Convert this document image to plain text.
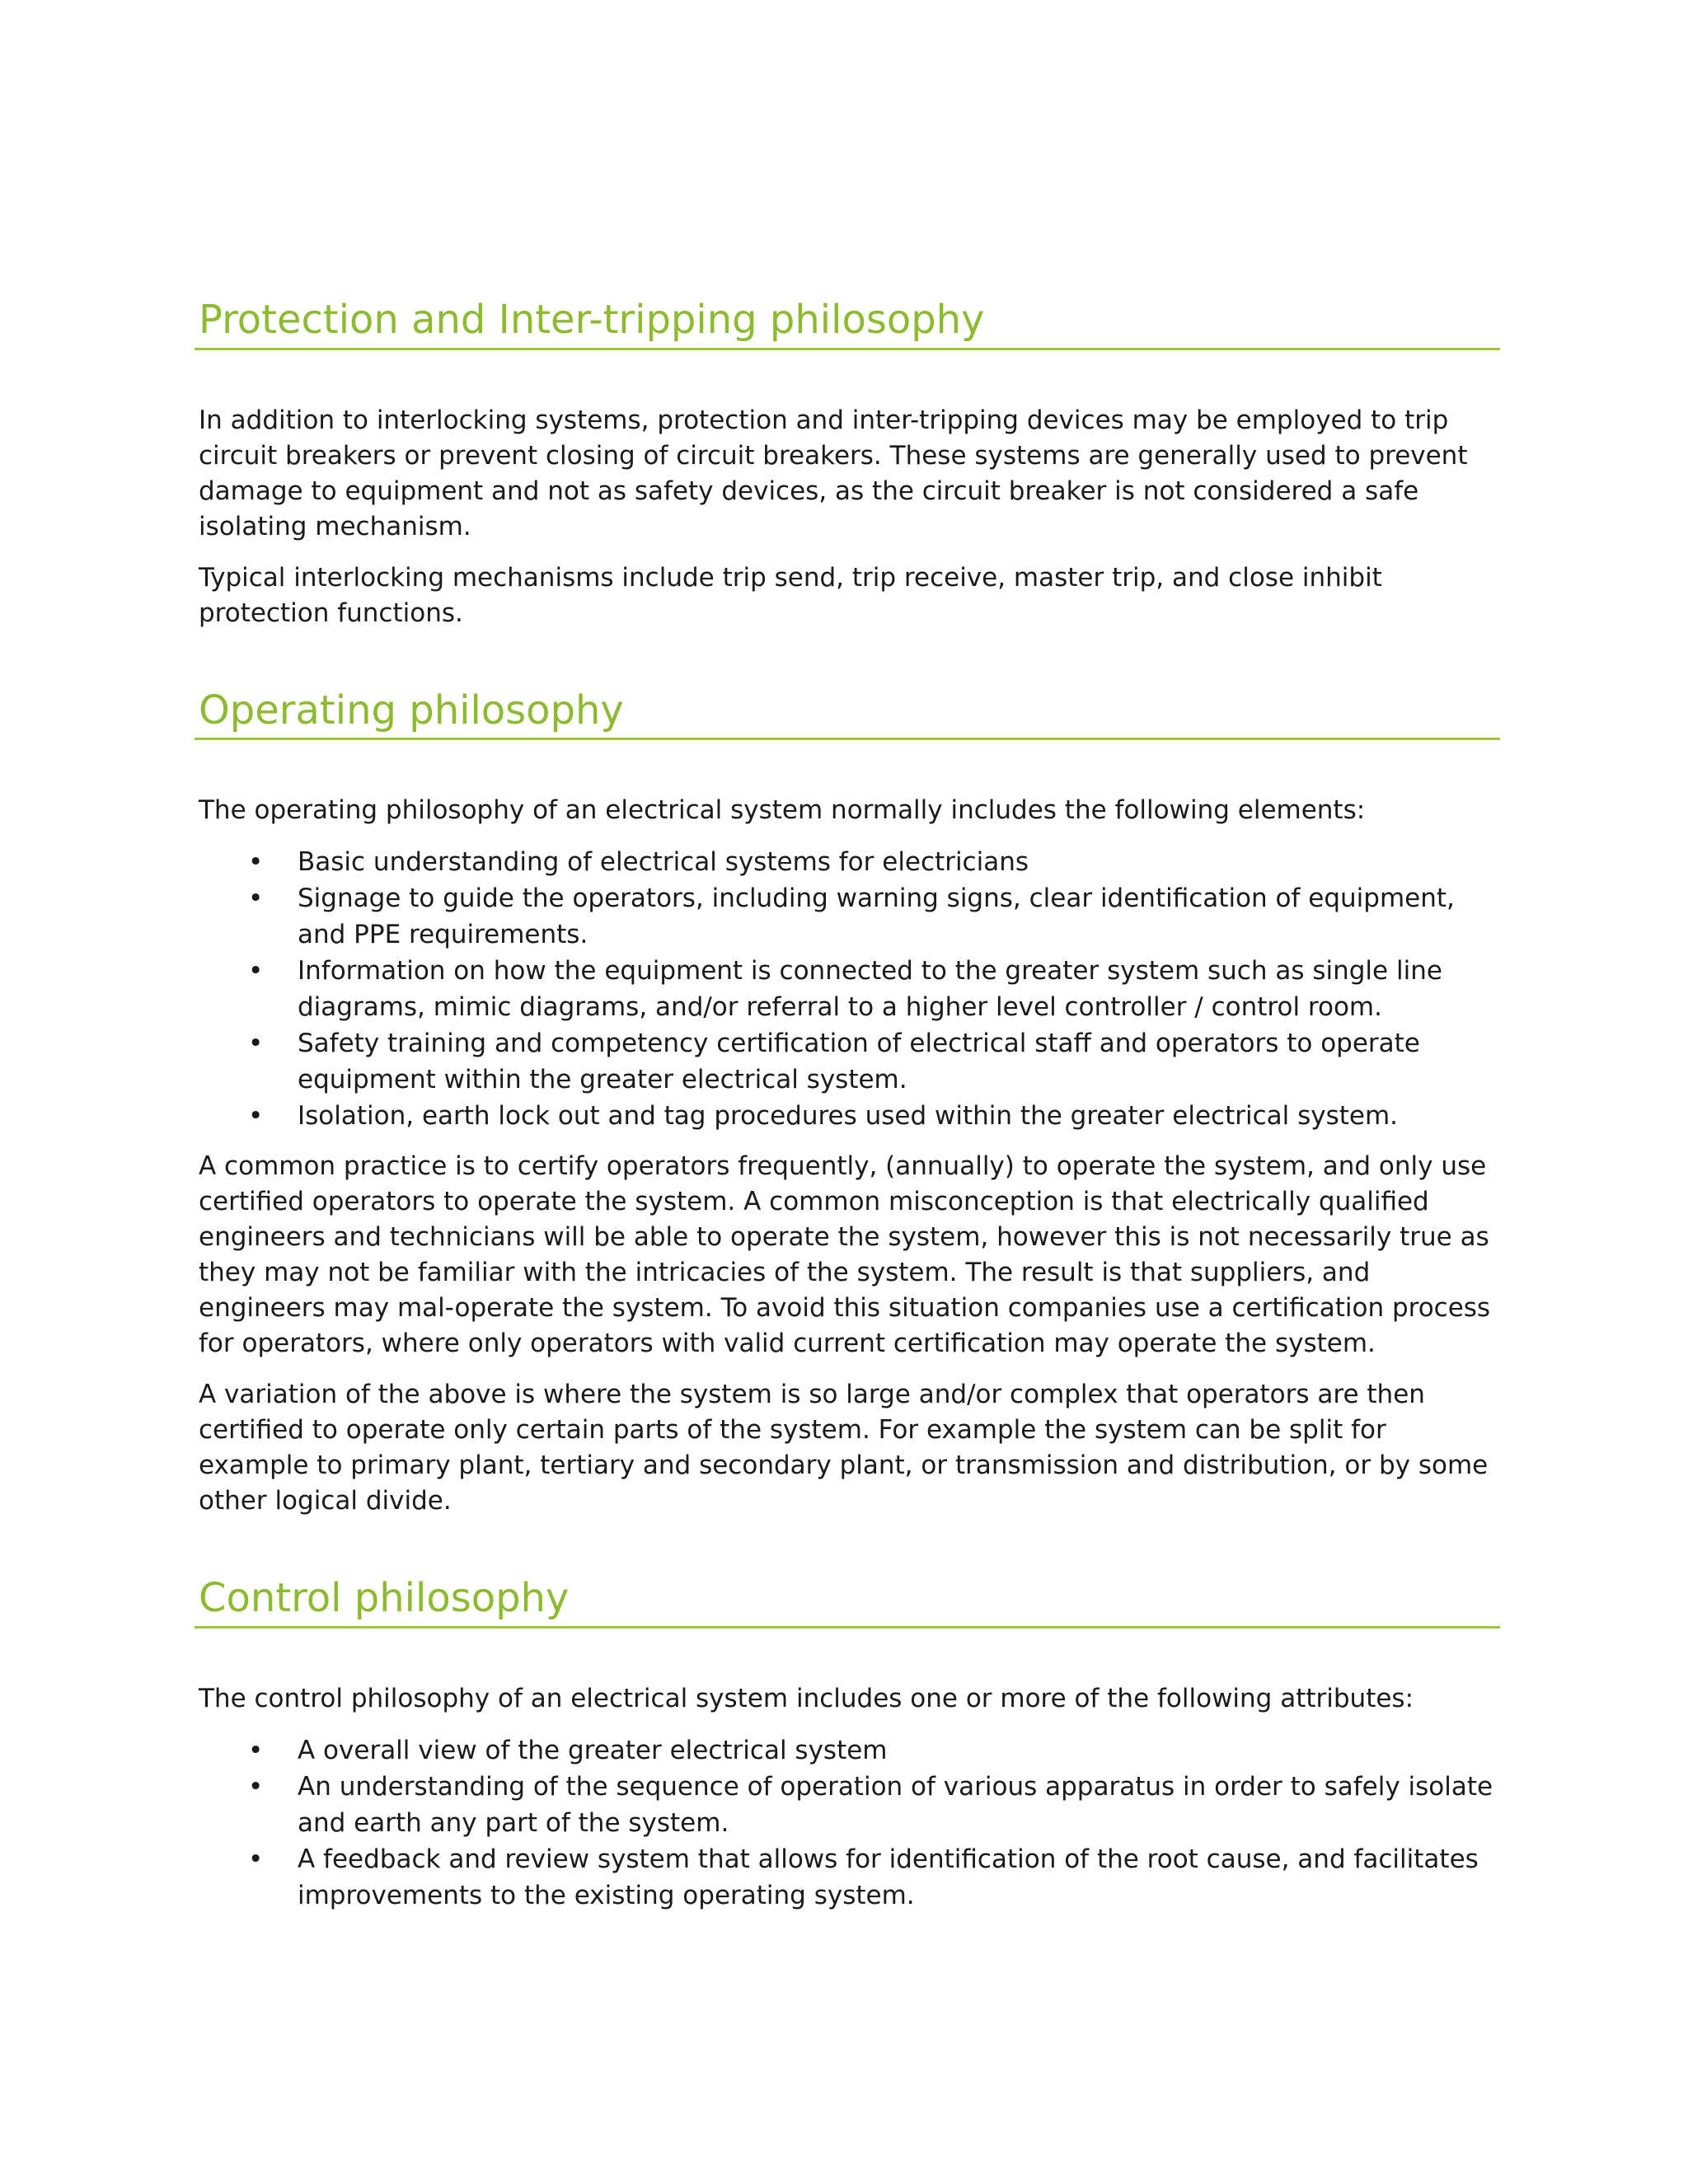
Protection and Inter-tripping philosophy

In addition to interlocking systems, protection and inter-tripping devices may be employed to trip circuit breakers or prevent closing of circuit breakers. These systems are generally used to prevent damage to equipment and not as safety devices, as the circuit breaker is not considered a safe isolating mechanism.

Typical interlocking mechanisms include trip send, trip receive, master trip, and close inhibit protection functions.

Operating philosophy

The operating philosophy of an electrical system normally includes the following elements:

• Basic understanding of electrical systems for electricians
• Signage to guide the operators, including warning signs, clear identification of equipment, and PPE requirements.
• Information on how the equipment is connected to the greater system such as single line diagrams, mimic diagrams, and/or referral to a higher level controller / control room.
• Safety training and competency certification of electrical staff and operators to operate equipment within the greater electrical system.
• Isolation, earth lock out and tag procedures used within the greater electrical system.

A common practice is to certify operators frequently, (annually) to operate the system, and only use certified operators to operate the system. A common misconception is that electrically qualified engineers and technicians will be able to operate the system, however this is not necessarily true as they may not be familiar with the intricacies of the system. The result is that suppliers, and engineers may mal-operate the system. To avoid this situation companies use a certification process for operators, where only operators with valid current certification may operate the system.

A variation of the above is where the system is so large and/or complex that operators are then certified to operate only certain parts of the system. For example the system can be split for example to primary plant, tertiary and secondary plant, or transmission and distribution, or by some other logical divide.

Control philosophy

The control philosophy of an electrical system includes one or more of the following attributes:

• A overall view of the greater electrical system
• An understanding of the sequence of operation of various apparatus in order to safely isolate and earth any part of the system.
• A feedback and review system that allows for identification of the root cause, and facilitates improvements to the existing operating system.
